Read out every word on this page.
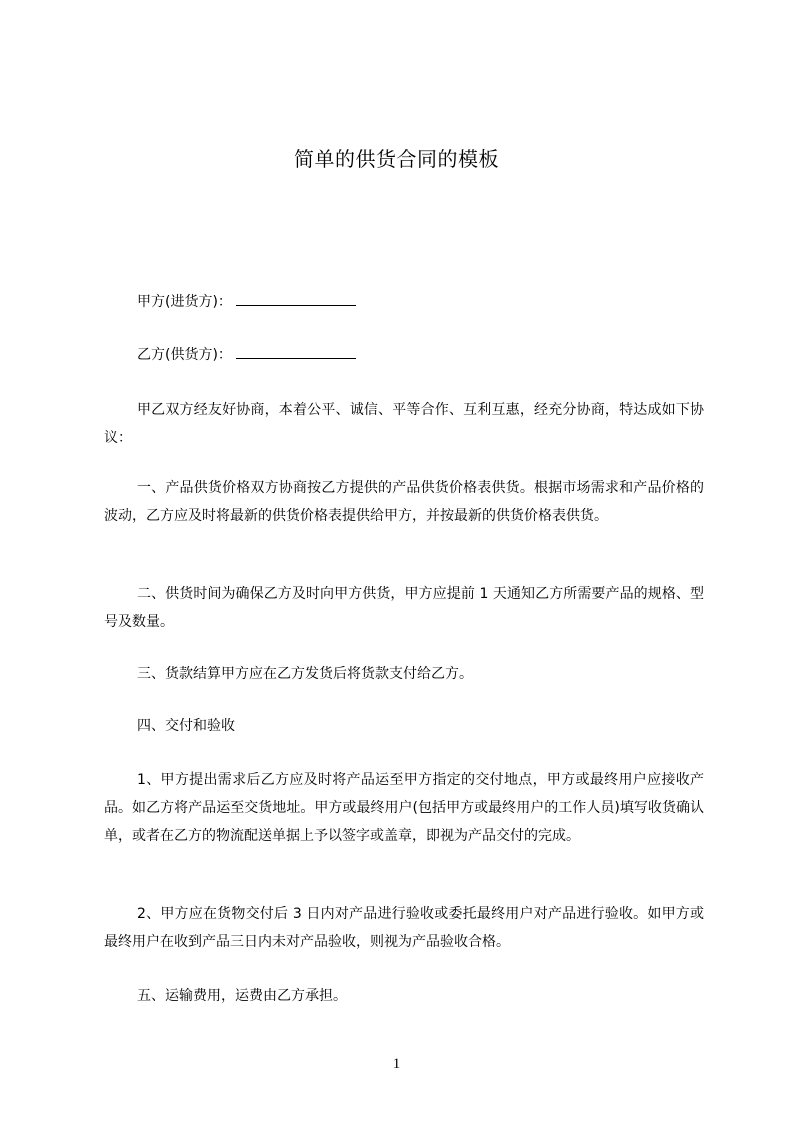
简单的供货合同的模板
甲方(进货方)：
乙方(供货方)：
甲乙双方经友好协商，本着公平、诚信、平等合作、互利互惠，经充分协商，特达成如下协议：
一、产品供货价格双方协商按乙方提供的产品供货价格表供货。根据市场需求和产品价格的波动，乙方应及时将最新的供货价格表提供给甲方，并按最新的供货价格表供货。
二、供货时间为确保乙方及时向甲方供货，甲方应提前 1 天通知乙方所需要产品的规格、型号及数量。
三、货款结算甲方应在乙方发货后将货款支付给乙方。
四、交付和验收
1、甲方提出需求后乙方应及时将产品运至甲方指定的交付地点，甲方或最终用户应接收产品。如乙方将产品运至交货地址。甲方或最终用户(包括甲方或最终用户的工作人员)填写收货确认单，或者在乙方的物流配送单据上予以签字或盖章，即视为产品交付的完成。
2、甲方应在货物交付后 3 日内对产品进行验收或委托最终用户对产品进行验收。如甲方或最终用户在收到产品三日内未对产品验收，则视为产品验收合格。
五、运输费用，运费由乙方承担。
1
